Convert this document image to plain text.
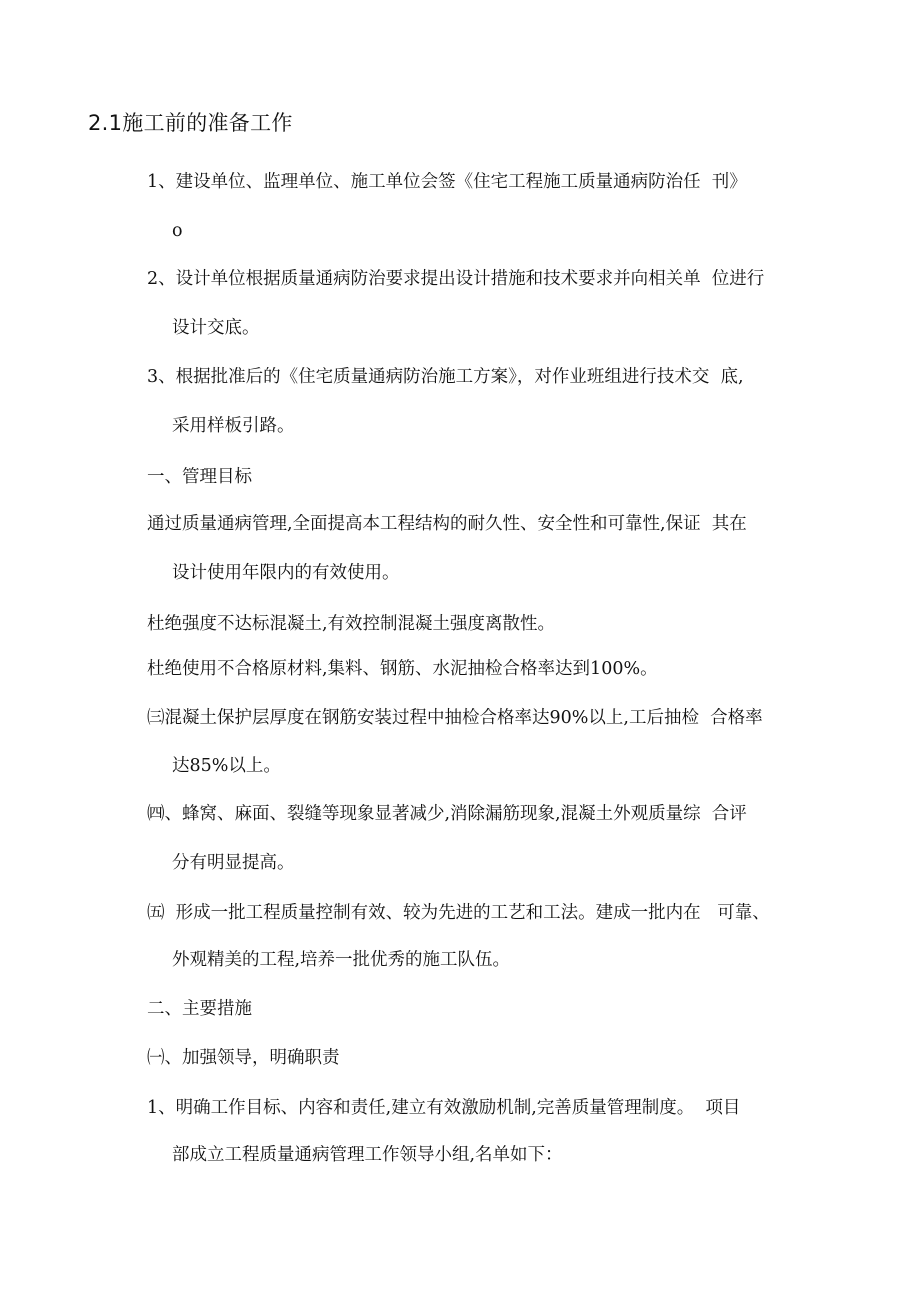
2.1施工前的准备工作
1、建设单位、监理单位、施工单位会签《住宅工程施工质量通病防治任  刊》
o
2、设计单位根据质量通病防治要求提出设计措施和技术要求并向相关单  位进行
设计交底。
3、根据批准后的《住宅质量通病防治施工方案》，对作业班组进行技术交  底,
采用样板引路。
一、管理目标
通过质量通病管理,全面提高本工程结构的耐久性、安全性和可靠性,保证  其在
设计使用年限内的有效使用。
杜绝强度不达标混凝土,有效控制混凝土强度离散性。
杜绝使用不合格原材料,集料、钢筋、水泥抽检合格率达到100%。
㈢混凝土保护层厚度在钢筋安装过程中抽检合格率达90%以上,工后抽检  合格率
达85%以上。
㈣、蜂窝、麻面、裂缝等现象显著减少,消除漏筋现象,混凝土外观质量综  合评
分有明显提高。
㈤  形成一批工程质量控制有效、较为先进的工艺和工法。建成一批内在   可靠、
外观精美的工程,培养一批优秀的施工队伍。
二、主要措施
㈠、加强领导，明确职责
1、明确工作目标、内容和责任,建立有效激励机制,完善质量管理制度。  项目
部成立工程质量通病管理工作领导小组,名单如下：
